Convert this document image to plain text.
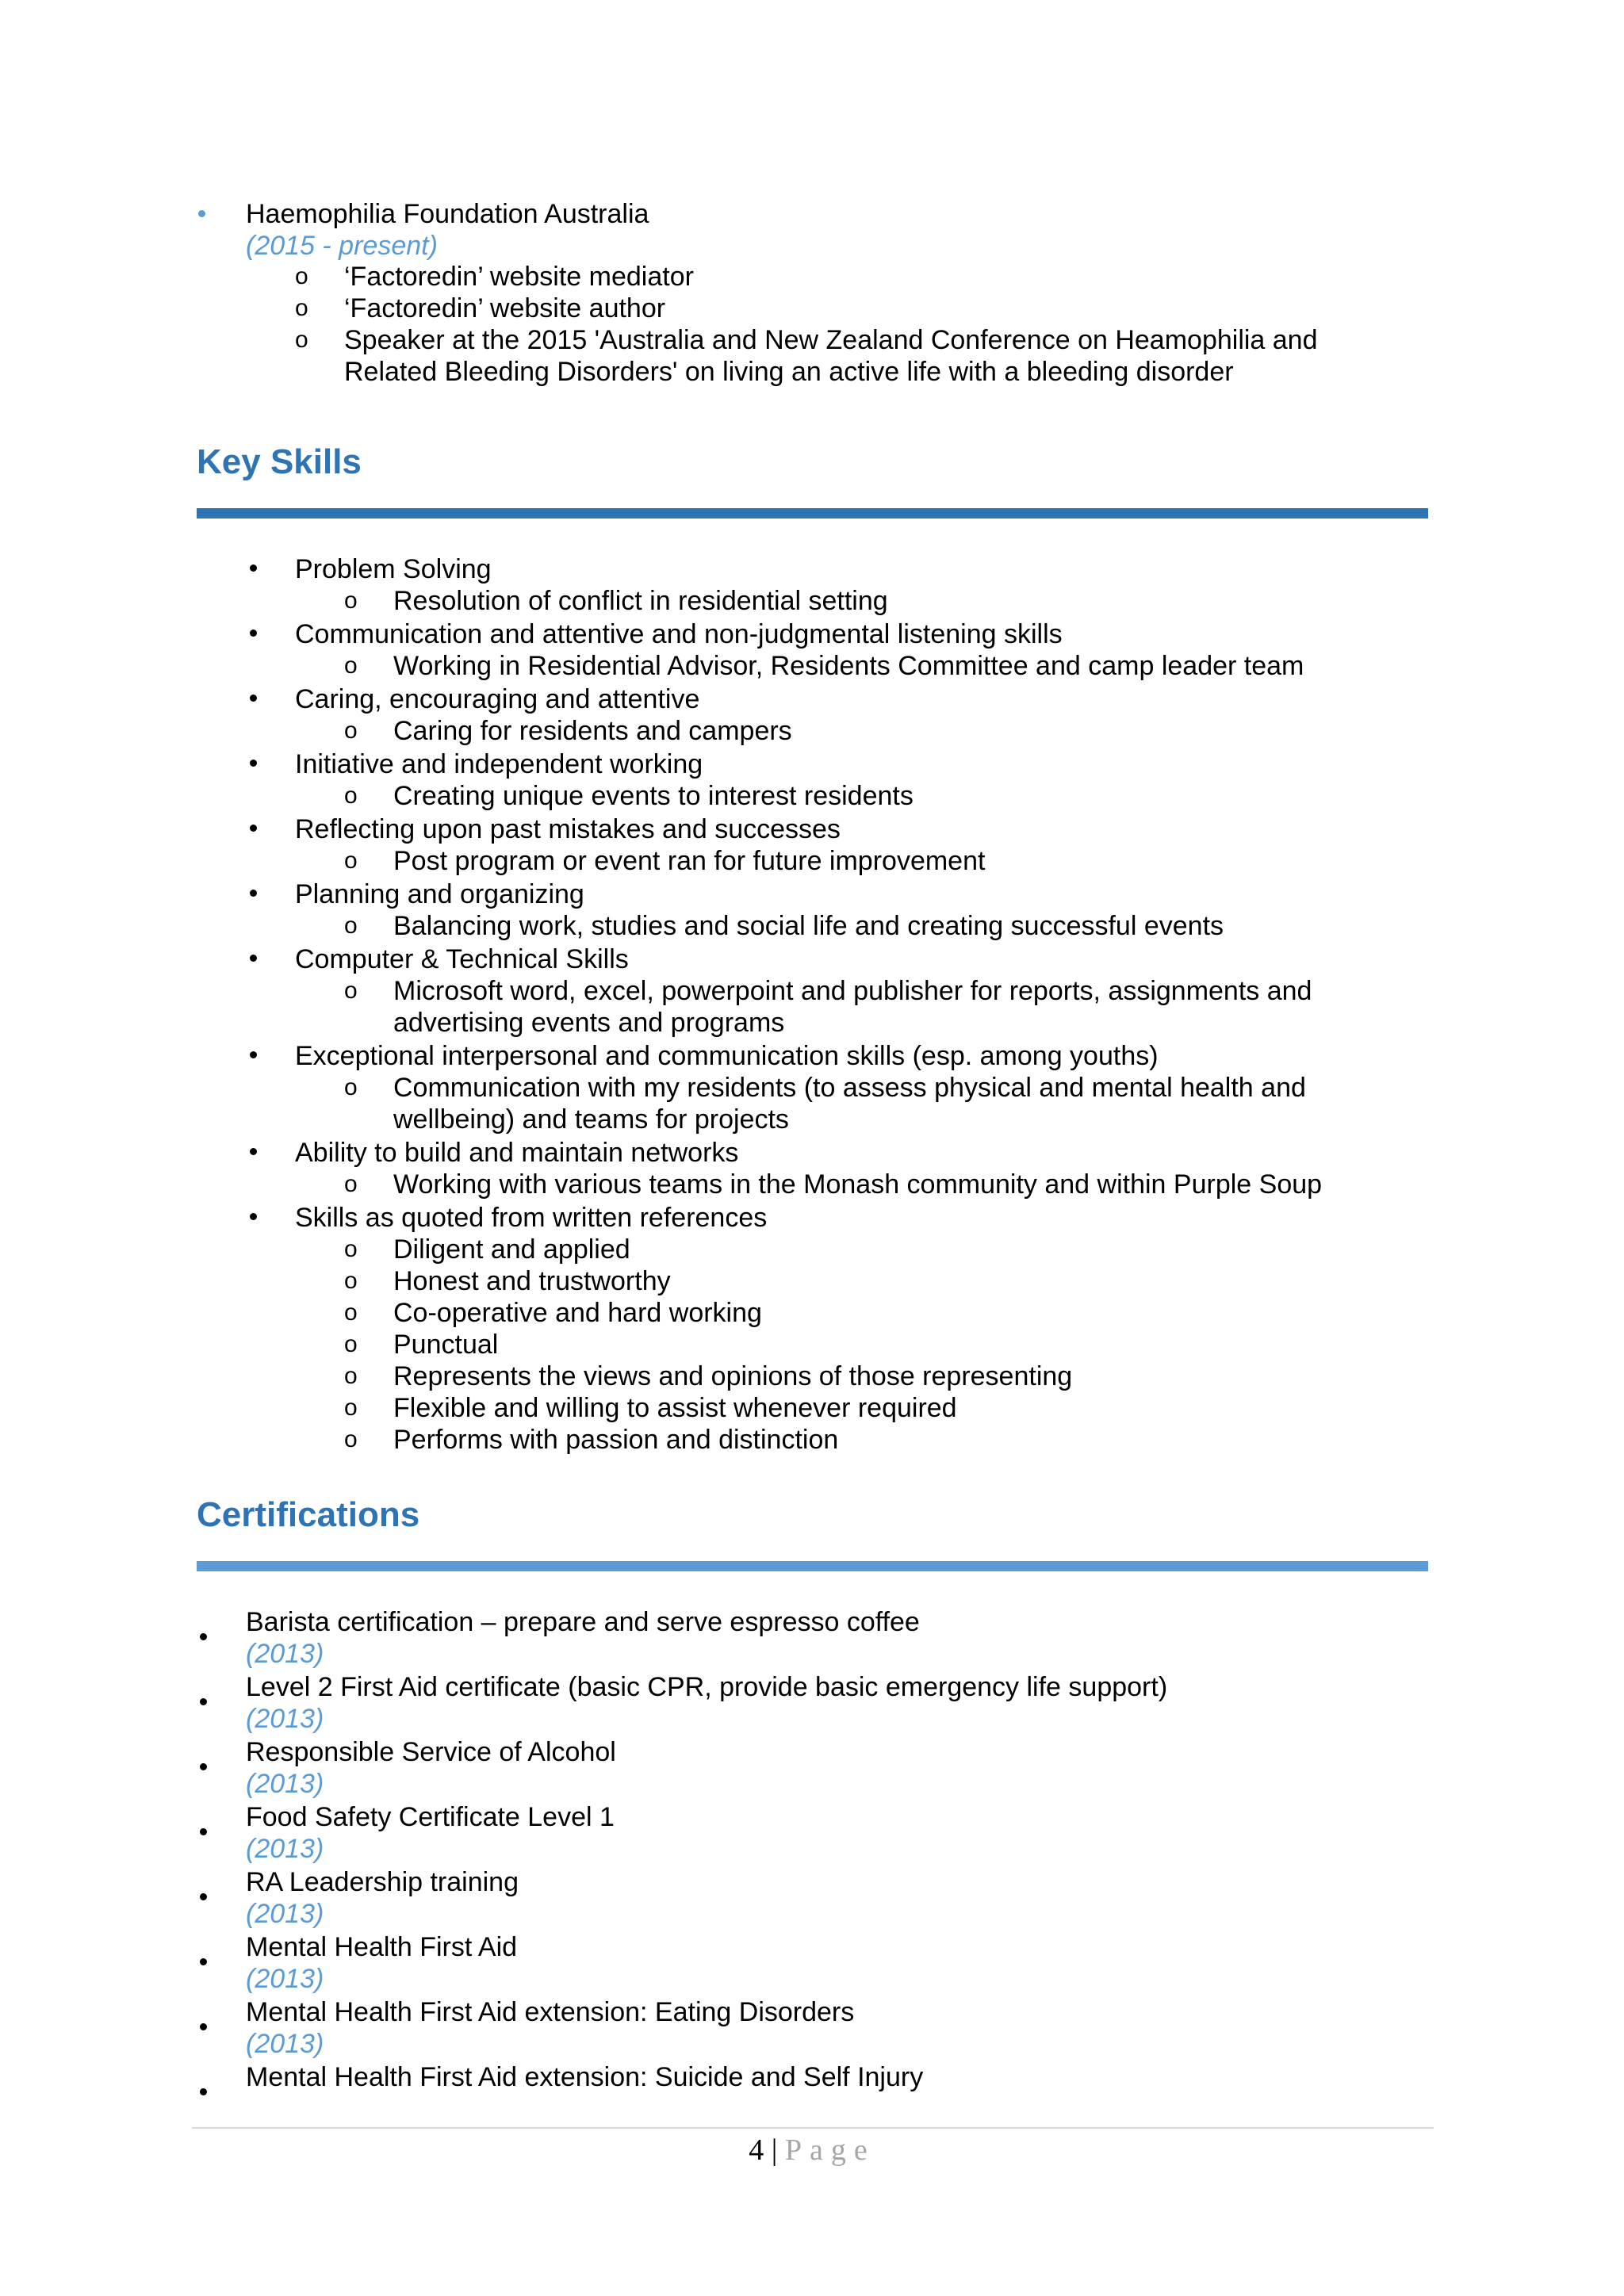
Haemophilia Foundation Australia
(2015 - present)
o ‘Factoredin’ website mediator
o ‘Factoredin’ website author
o Speaker at the 2015 'Australia and New Zealand Conference on Heamophilia and
Related Bleeding Disorders' on living an active life with a bleeding disorder
Key Skills
Problem Solving
o Resolution of conflict in residential setting
Communication and attentive and non-judgmental listening skills
o Working in Residential Advisor, Residents Committee and camp leader team
Caring, encouraging and attentive
o Caring for residents and campers
Initiative and independent working
o Creating unique events to interest residents
Reflecting upon past mistakes and successes
o Post program or event ran for future improvement
Planning and organizing
o Balancing work, studies and social life and creating successful events
Computer & Technical Skills
o Microsoft word, excel, powerpoint and publisher for reports, assignments and
advertising events and programs
Exceptional interpersonal and communication skills (esp. among youths)
o Communication with my residents (to assess physical and mental health and
wellbeing) and teams for projects
Ability to build and maintain networks
o Working with various teams in the Monash community and within Purple Soup
Skills as quoted from written references
o Diligent and applied
o Honest and trustworthy
o Co-operative and hard working
o Punctual
o Represents the views and opinions of those representing
o Flexible and willing to assist whenever required
o Performs with passion and distinction
Certifications
Barista certification – prepare and serve espresso coffee
(2013)
Level 2 First Aid certificate (basic CPR, provide basic emergency life support)
(2013)
Responsible Service of Alcohol
(2013)
Food Safety Certificate Level 1
(2013)
RA Leadership training
(2013)
Mental Health First Aid
(2013)
Mental Health First Aid extension: Eating Disorders
(2013)
Mental Health First Aid extension: Suicide and Self Injury
4 | Page
